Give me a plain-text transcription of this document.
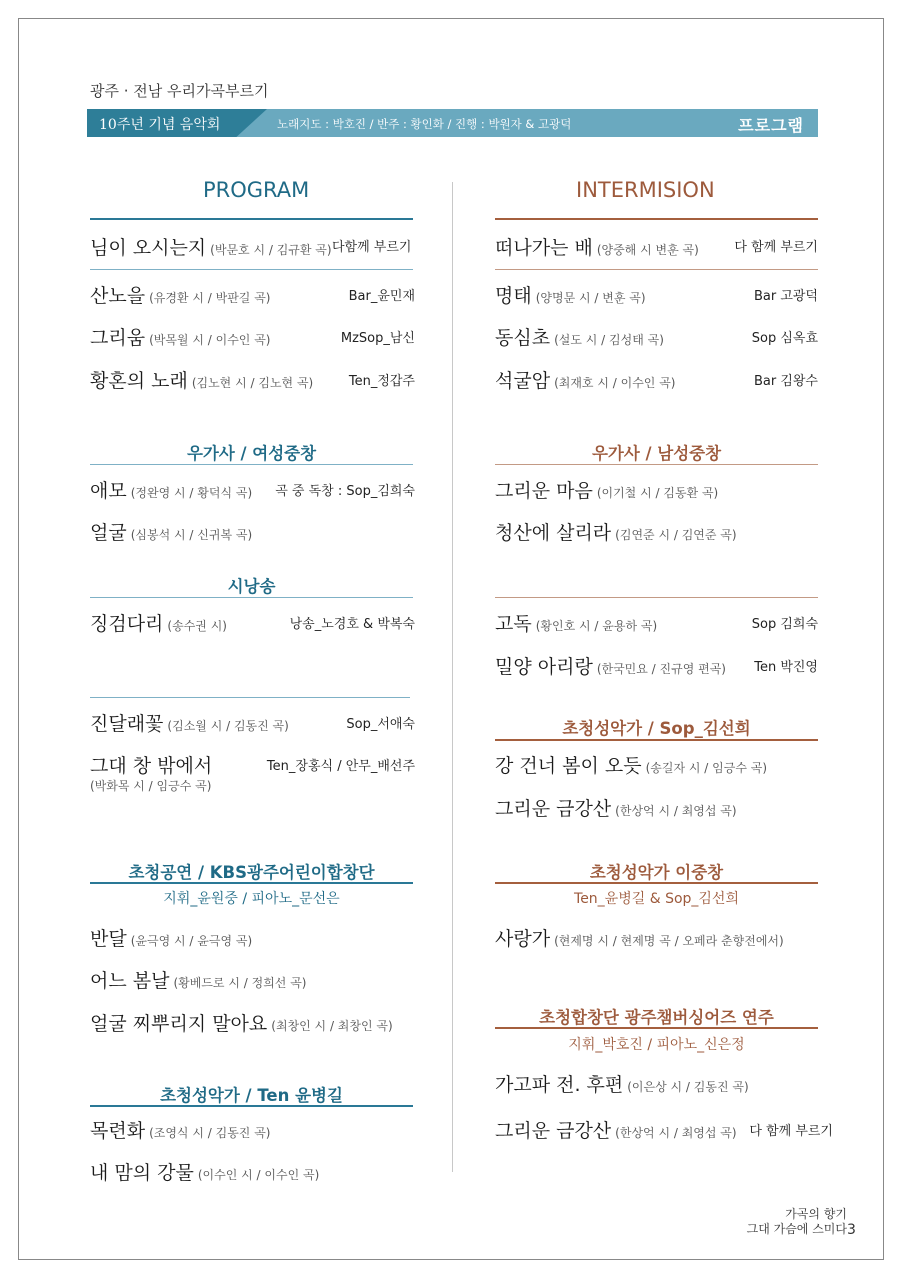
광주 · 전남 우리가곡부르기
10주년 기념 음악회	노래지도 : 박호진 / 반주 : 황인화 / 진행 : 박원자 & 고광덕	프로그램
PROGRAM
님이 오시는지 (박문호 시 / 김규환 곡) 다함께 부르기
산노을 (유경환 시 / 박판길 곡)	Bar_윤민재
그리움 (박목월 시 / 이수인 곡)	MzSop_남신
황혼의 노래 (김노현 시 / 김노현 곡)	Ten_정갑주
우가사 / 여성중창
애모 (정완영 시 / 황덕식 곡) 곡 중 독창 : Sop_김희숙
얼굴 (심봉석 시 / 신귀복 곡)
시낭송
징검다리 (송수권 시)	낭송_노경호 & 박복숙
진달래꽃 (김소월 시 / 김동진 곡)	Sop_서애숙
그대 창 밖에서	Ten_장홍식 / 안무_배선주
(박화목 시 / 임긍수 곡)
초청공연 / KBS광주어린이합창단
지휘_윤원중 / 피아노_문선은
반달 (윤극영 시 / 윤극영 곡)
어느 봄날 (황베드로 시 / 정희선 곡)
얼굴 찌뿌리지 말아요 (최창인 시 / 최창인 곡)
초청성악가 / Ten 윤병길
목련화 (조영식 시 / 김동진 곡)
내 맘의 강물 (이수인 시 / 이수인 곡)
INTERMISION
떠나가는 배 (양중해 시 변훈 곡)	다 함께 부르기
명태 (양명문 시 / 변훈 곡)	Bar 고광덕
동심초 (설도 시 / 김성태 곡)	Sop 심옥효
석굴암 (최재호 시 / 이수인 곡)	Bar 김왕수
우가사 / 남성중창
그리운 마음 (이기철 시 / 김동환 곡)
청산에 살리라 (김연준 시 / 김연준 곡)
고독 (황인호 시 / 윤용하 곡)	Sop 김희숙
밀양 아리랑 (한국민요 / 진규영 편곡) Ten 박진영
초청성악가 / Sop_김선희
강 건너 봄이 오듯 (송길자 시 / 임긍수 곡)
그리운 금강산 (한상억 시 / 최영섭 곡)
초청성악가 이중창
Ten_윤병길 & Sop_김선희
사랑가 (현제명 시 / 현제명 곡 / 오페라 춘향전에서)
초청합창단 광주챔버싱어즈 연주
지휘_박호진 / 피아노_신은정
가고파 전. 후편 (이은상 시 / 김동진 곡)
그리운 금강산 (한상억 시 / 최영섭 곡) 다 함께 부르기
가곡의 향기
그대 가슴에 스미다 3
